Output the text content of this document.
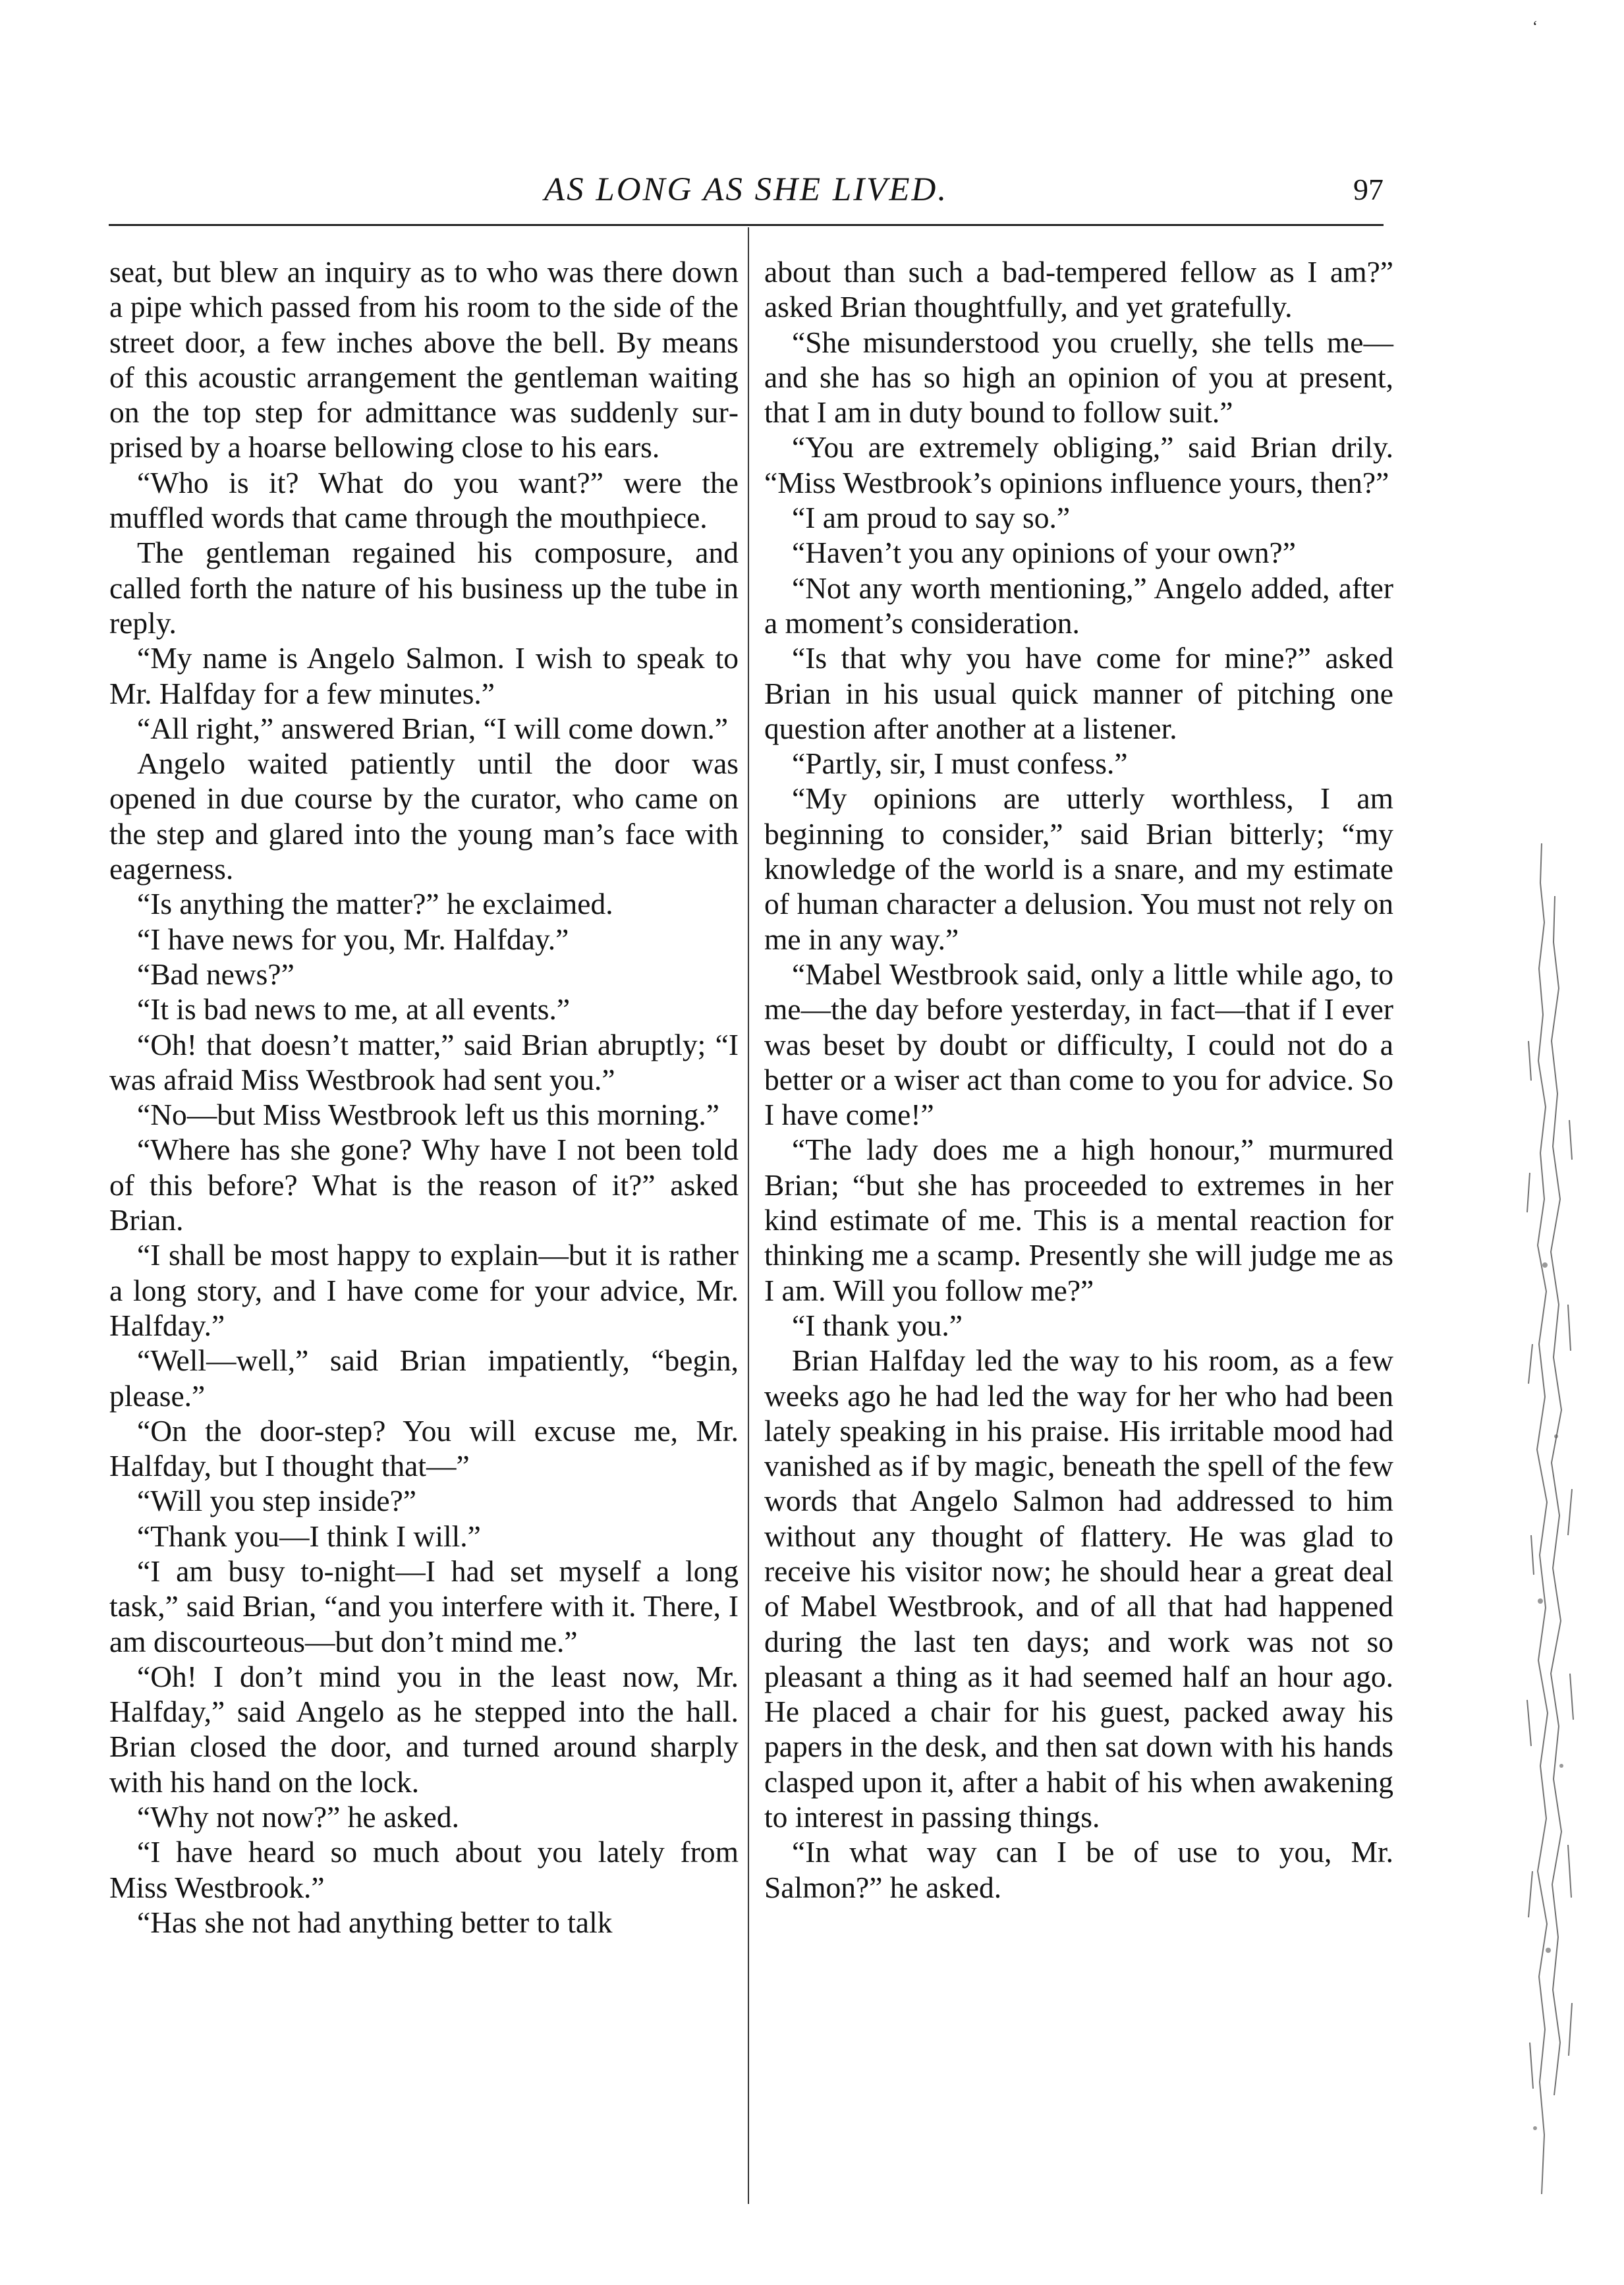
‘
AS LONG AS SHE LIVED.	97

seat, but blew an inquiry as to who was there down a pipe which passed from his room to the side of the street door, a few inches above the bell. By means of this acoustic arrangement the gentleman waiting on the top step for admittance was suddenly surprised by a hoarse bellowing close to his ears.

“Who is it? What do you want?” were the muffled words that came through the mouthpiece.

The gentleman regained his composure, and called forth the nature of his business up the tube in reply.

“My name is Angelo Salmon. I wish to speak to Mr. Halfday for a few minutes.”

“All right,” answered Brian, “I will come down.”

Angelo waited patiently until the door was opened in due course by the curator, who came on the step and glared into the young man’s face with eagerness.

“Is anything the matter?” he exclaimed.

“I have news for you, Mr. Halfday.”

“Bad news?”

“It is bad news to me, at all events.”

“Oh! that doesn’t matter,” said Brian abruptly; “I was afraid Miss Westbrook had sent you.”

“No—but Miss Westbrook left us this morning.”

“Where has she gone? Why have I not been told of this before? What is the reason of it?” asked Brian.

“I shall be most happy to explain—but it is rather a long story, and I have come for your advice, Mr. Halfday.”

“Well—well,” said Brian impatiently, “begin, please.”

“On the door-step? You will excuse me, Mr. Halfday, but I thought that—”

“Will you step inside?”

“Thank you—I think I will.”

“I am busy to-night—I had set myself a long task,” said Brian, “and you interfere with it. There, I am discourteous—but don’t mind me.”

“Oh! I don’t mind you in the least now, Mr. Halfday,” said Angelo as he stepped into the hall. Brian closed the door, and turned around sharply with his hand on the lock.

“Why not now?” he asked.

“I have heard so much about you lately from Miss Westbrook.”

“Has she not had anything better to talk

about than such a bad-tempered fellow as I am?” asked Brian thoughtfully, and yet gratefully.

“She misunderstood you cruelly, she tells me—and she has so high an opinion of you at present, that I am in duty bound to follow suit.”

“You are extremely obliging,” said Brian drily. “Miss Westbrook’s opinions influence yours, then?”

“I am proud to say so.”

“Haven’t you any opinions of your own?”

“Not any worth mentioning,” Angelo added, after a moment’s consideration.

“Is that why you have come for mine?” asked Brian in his usual quick manner of pitching one question after another at a listener.

“Partly, sir, I must confess.”

“My opinions are utterly worthless, I am beginning to consider,” said Brian bitterly; “my knowledge of the world is a snare, and my estimate of human character a delusion. You must not rely on me in any way.”

“Mabel Westbrook said, only a little while ago, to me—the day before yesterday, in fact—that if I ever was beset by doubt or difficulty, I could not do a better or a wiser act than come to you for advice. So I have come!”

“The lady does me a high honour,” murmured Brian; “but she has proceeded to extremes in her kind estimate of me. This is a mental reaction for thinking me a scamp. Presently she will judge me as I am. Will you follow me?”

“I thank you.”

Brian Halfday led the way to his room, as a few weeks ago he had led the way for her who had been lately speaking in his praise. His irritable mood had vanished as if by magic, beneath the spell of the few words that Angelo Salmon had addressed to him without any thought of flattery. He was glad to receive his visitor now; he should hear a great deal of Mabel Westbrook, and of all that had happened during the last ten days; and work was not so pleasant a thing as it had seemed half an hour ago. He placed a chair for his guest, packed away his papers in the desk, and then sat down with his hands clasped upon it, after a habit of his when awakening to interest in passing things.

“In what way can I be of use to you, Mr. Salmon?” he asked.
